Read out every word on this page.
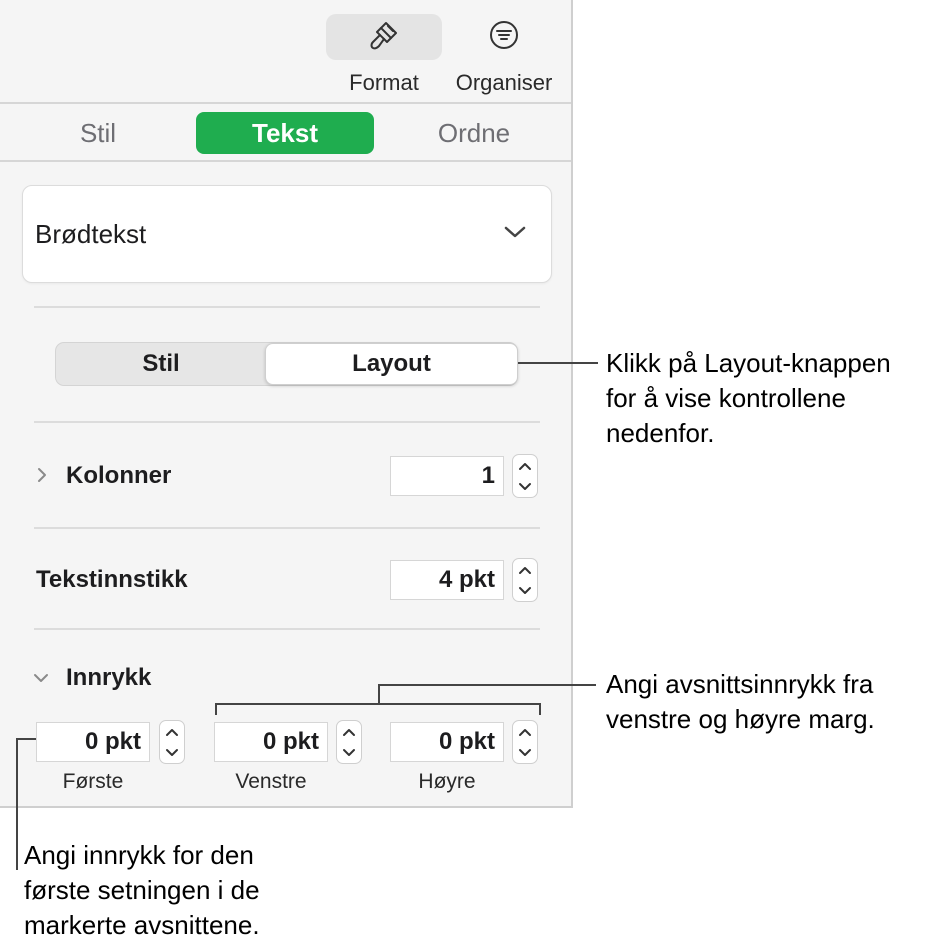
Format	Organiser
Stil	Tekst	Ordne
Brødtekst
Stil	Layout
Kolonner	1
Tekstinnstikk	4 pkt
Innrykk
0 pkt
Første
0 pkt
Venstre
0 pkt
Høyre
Klikk på Layout-knappen
for å vise kontrollene
nedenfor.
Angi avsnittsinnrykk fra
venstre og høyre marg.
Angi innrykk for den
første setningen i de
markerte avsnittene.
